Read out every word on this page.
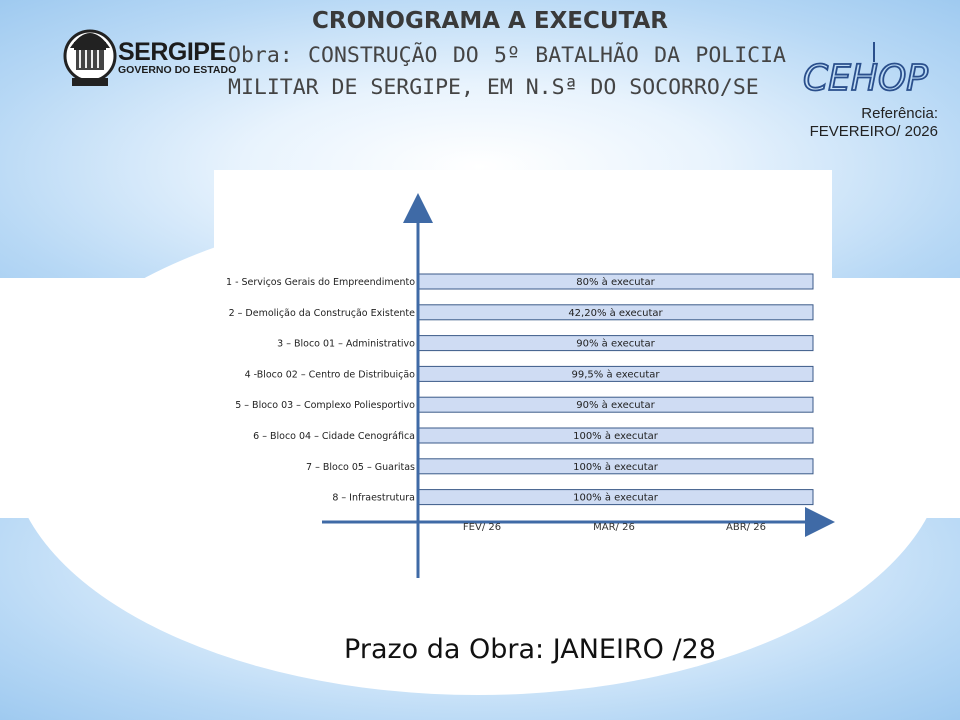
SERGIPE
GOVERNO DO ESTADO
CRONOGRAMA A EXECUTAR
Obra: CONSTRUÇÃO DO 5º BATALHÃO DA POLICIA MILITAR DE SERGIPE, EM N.Sª DO SOCORRO/SE	CEHOP
Referência:
FEVEREIRO/ 2026
80% à executar
1 - Serviços Gerais do Empreendimento
42,20% à executar
2 – Demolição da Construção Existente
90% à executar
3 – Bloco 01 – Administrativo
99,5% à executar
4 -Bloco 02 – Centro de Distribuição
90% à executar
5 – Bloco 03 – Complexo Poliesportivo
100% à executar
6 – Bloco 04 – Cidade Cenográfica
100% à executar
7 – Bloco 05 – Guaritas
100% à executar
8 – Infraestrutura
FEV/ 26	MAR/ 26	ABR/ 26
Prazo da Obra: JANEIRO /28
